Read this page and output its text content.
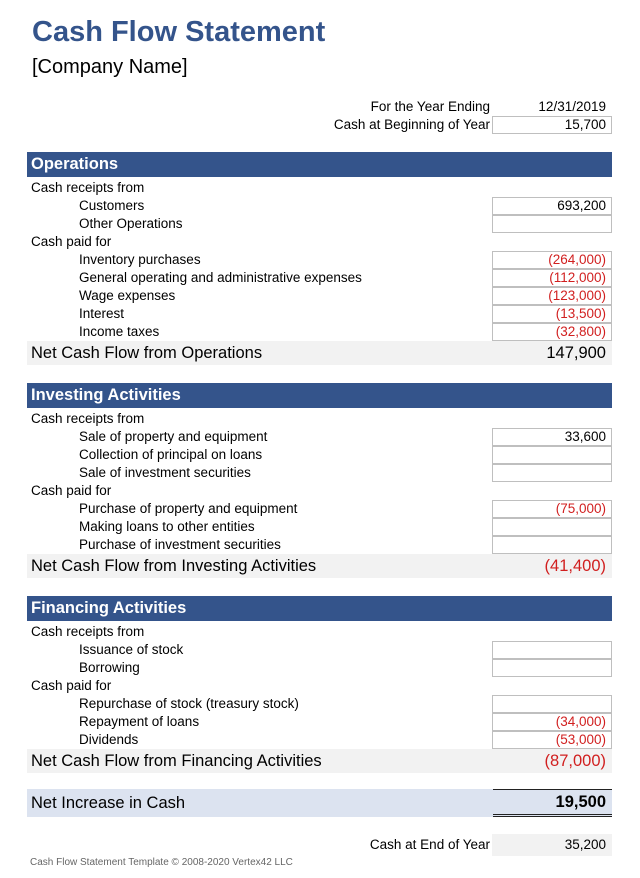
Cash Flow Statement
[Company Name]
For the Year Ending	12/31/2019
Cash at Beginning of Year	15,700
Operations
Cash receipts from
Customers	693,200
Other Operations
Cash paid for
Inventory purchases	(264,000)
General operating and administrative expenses	(112,000)
Wage expenses	(123,000)
Interest	(13,500)
Income taxes	(32,800)
Net Cash Flow from Operations	147,900
Investing Activities
Cash receipts from
Sale of property and equipment	33,600
Collection of principal on loans
Sale of investment securities
Cash paid for
Purchase of property and equipment	(75,000)
Making loans to other entities
Purchase of investment securities
Net Cash Flow from Investing Activities	(41,400)
Financing Activities
Cash receipts from
Issuance of stock
Borrowing
Cash paid for
Repurchase of stock (treasury stock)
Repayment of loans	(34,000)
Dividends	(53,000)
Net Cash Flow from Financing Activities	(87,000)
Net Increase in Cash	19,500
Cash at End of Year	35,200
Cash Flow Statement Template © 2008-2020 Vertex42 LLC
